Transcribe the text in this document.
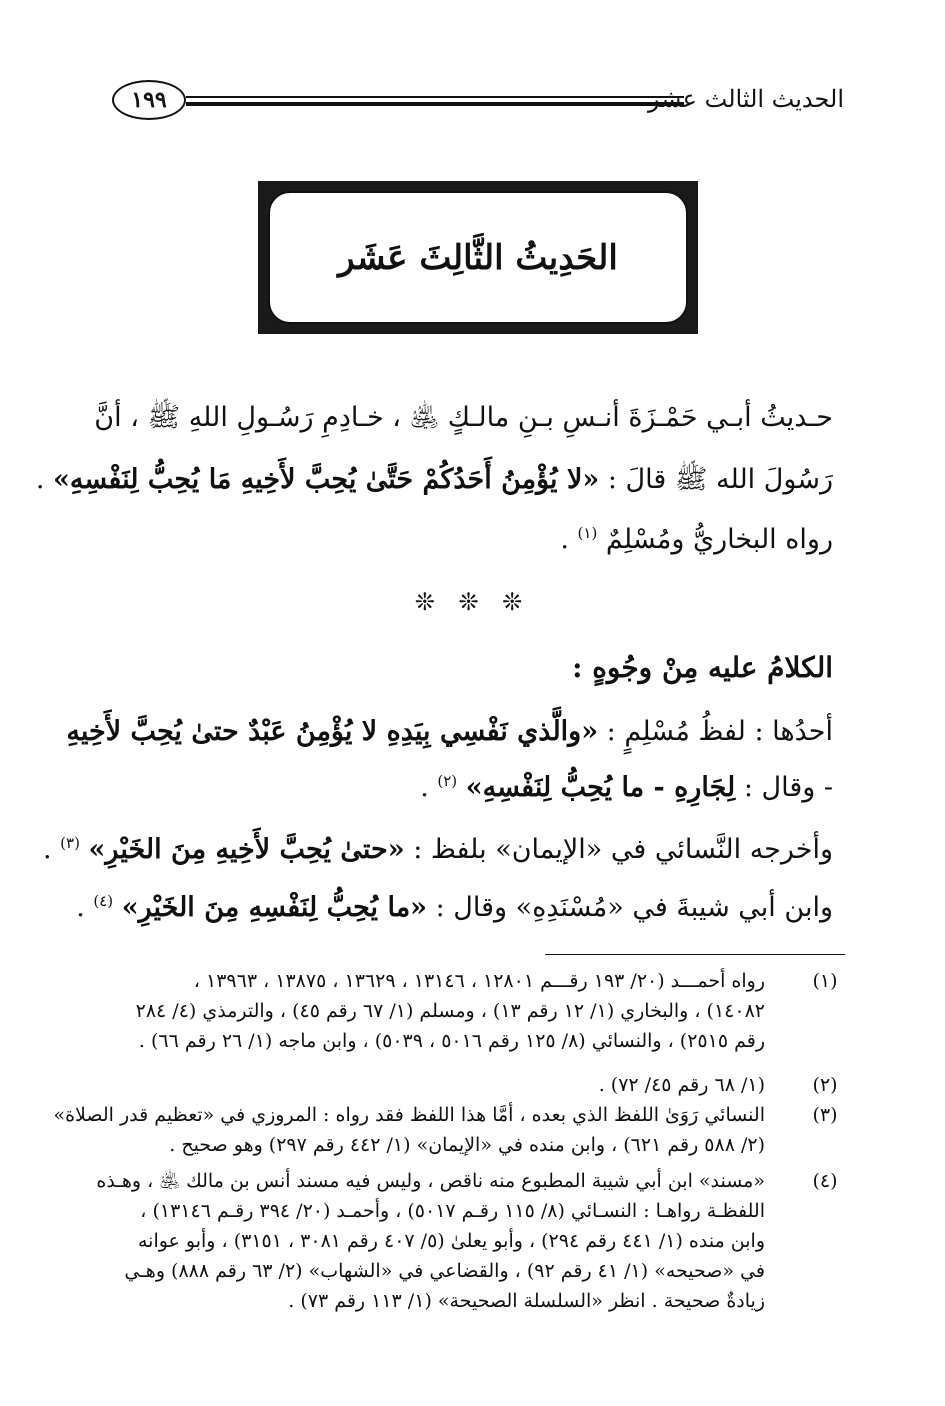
الحديث الثالث عشر
١٩٩
الحَدِيثُ الثَّالِثَ عَشَر
حـديثُ أبـي حَمْـزَةَ أنـسِ بـنِ مالـكٍ ﵁ ، خـادِمِ رَسُـولِ اللهِ ﷺ ، أنَّ
رَسُولَ الله ﷺ قالَ : «لا يُؤْمِنُ أَحَدُكُمْ حَتَّىٰ يُحِبَّ لأَخِيهِ مَا يُحِبُّ لِنَفْسِهِ» .
رواه البخاريُّ ومُسْلِمٌ $^{(١)}$ .
❊ ❊ ❊
الكلامُ عليه مِنْ وجُوهٍ :
أحدُها : لفظُ مُسْلِمٍ : «والَّذي نَفْسِي بِيَدِهِ لا يُؤْمِنُ عَبْدٌ حتىٰ يُحِبَّ لأَخِيهِ
- وقال : لِجَارِهِ - ما يُحِبُّ لِنَفْسِهِ» $^{(٢)}$ .
وأخرجه النَّسائي في «الإيمان» بلفظ : «حتىٰ يُحِبَّ لأَخِيهِ مِنَ الخَيْرِ» $^{(٣)}$ .
وابن أبي شيبةَ في «مُسْنَدِهِ» وقال : «ما يُحِبُّ لِنَفْسِهِ مِنَ الخَيْرِ» $^{(٤)}$ .
(١)
رواه أحمـــد (٢٠/ ١٩٣ رقـــم ١٢٨٠١ ، ١٣١٤٦ ، ١٣٦٢٩ ، ١٣٨٧٥ ، ١٣٩٦٣ ،
١٤٠٨٢) ، والبخاري (١/ ١٢ رقم ١٣) ، ومسلم (١/ ٦٧ رقم ٤٥) ، والترمذي (٤/ ٢٨٤
رقم ٢٥١٥) ، والنسائي (٨/ ١٢٥ رقم ٥٠١٦ ، ٥٠٣٩) ، وابن ماجه (١/ ٢٦ رقم ٦٦) .
(٢)
(١/ ٦٨ رقم ٤٥/ ٧٢) .
(٣)
النسائي رَوَىٰ اللفظ الذي بعده ، أمَّا هذا اللفظ فقد رواه : المروزي في «تعظيم قدر الصلاة»
(٢/ ٥٨٨ رقم ٦٢١) ، وابن منده في «الإيمان» (١/ ٤٤٢ رقم ٢٩٧) وهو صحيح .
(٤)
«مسند» ابن أبي شيبة المطبوع منه ناقص ، وليس فيه مسند أنس بن مالك ﵁ ، وهـذه
اللفظـة رواهـا : النسـائي (٨/ ١١٥ رقـم ٥٠١٧) ، وأحمـد (٢٠/ ٣٩٤ رقـم ١٣١٤٦) ،
وابن منده (١/ ٤٤١ رقم ٢٩٤) ، وأبو يعلىٰ (٥/ ٤٠٧ رقم ٣٠٨١ ، ٣١٥١) ، وأبو عوانه
في «صحيحه» (١/ ٤١ رقم ٩٢) ، والقضاعي في «الشهاب» (٢/ ٦٣ رقم ٨٨٨) وهـي
زيادةٌ صحيحة . انظر «السلسلة الصحيحة» (١/ ١١٣ رقم ٧٣) .
